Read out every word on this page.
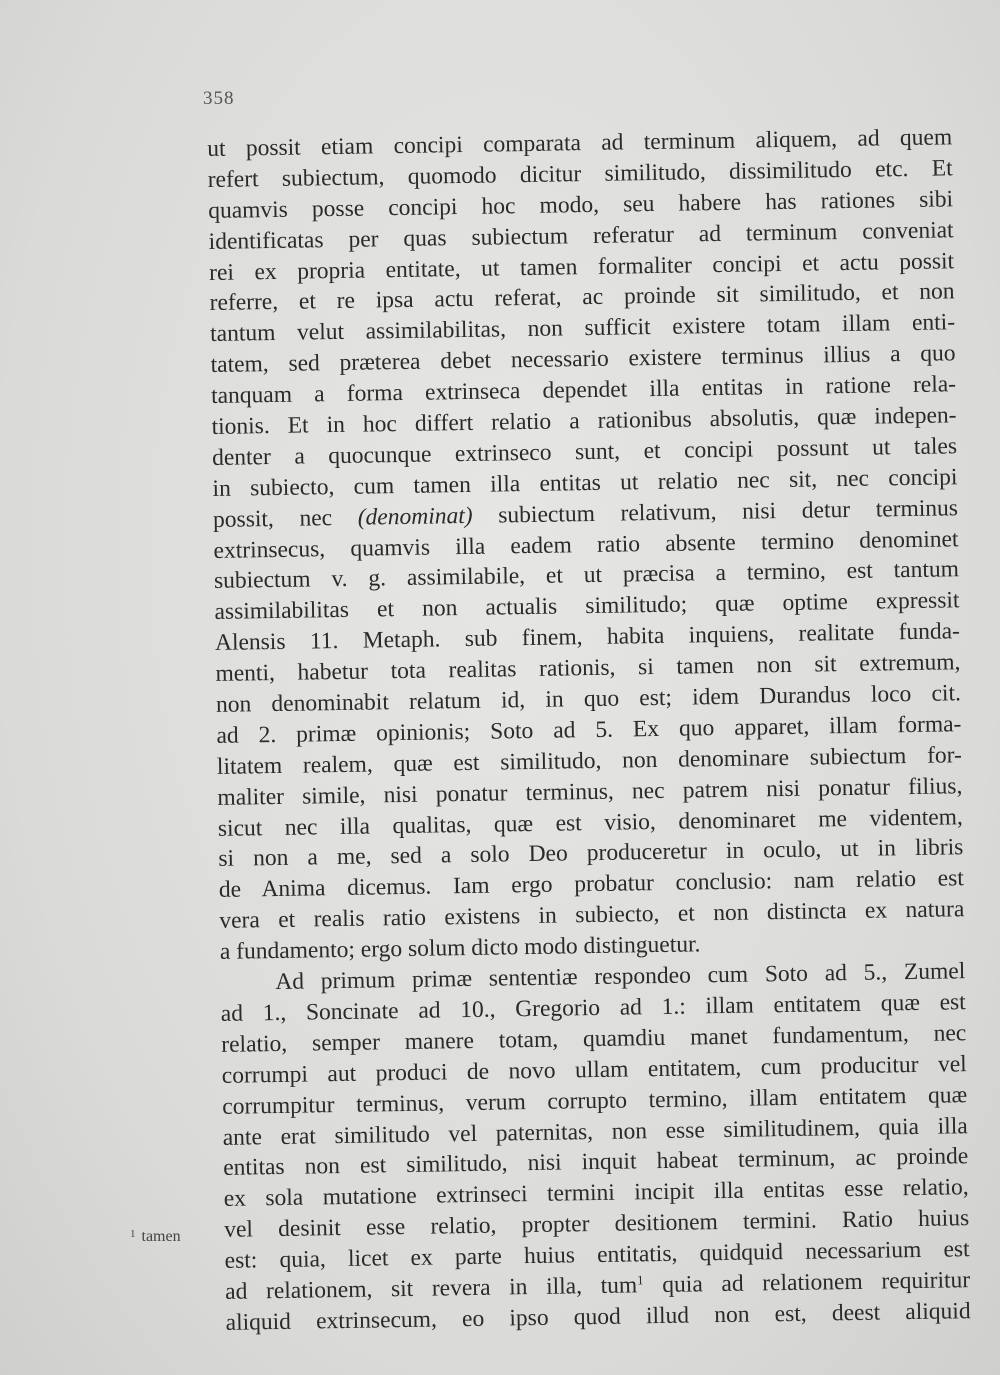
358
ut possit etiam concipi comparata ad terminum aliquem, ad quem
refert subiectum, quomodo dicitur similitudo, dissimilitudo etc. Et
quamvis posse concipi hoc modo, seu habere has rationes sibi
identificatas per quas subiectum referatur ad terminum conveniat
rei ex propria entitate, ut tamen formaliter concipi et actu possit
referre, et re ipsa actu referat, ac proinde sit similitudo, et non
tantum velut assimilabilitas, non sufficit existere totam illam enti-
tatem, sed præterea debet necessario existere terminus illius a quo
tanquam a forma extrinseca dependet illa entitas in ratione rela-
tionis. Et in hoc differt relatio a rationibus absolutis, quæ indepen-
denter a quocunque extrinseco sunt, et concipi possunt ut tales
in subiecto, cum tamen illa entitas ut relatio nec sit, nec concipi
possit, nec (denominat) subiectum relativum, nisi detur terminus
extrinsecus, quamvis illa eadem ratio absente termino denominet
subiectum v. g. assimilabile, et ut præcisa a termino, est tantum
assimilabilitas et non actualis similitudo; quæ optime expressit
Alensis 11. Metaph. sub finem, habita inquiens, realitate funda-
menti, habetur tota realitas rationis, si tamen non sit extremum,
non denominabit relatum id, in quo est; idem Durandus loco cit.
ad 2. primæ opinionis; Soto ad 5. Ex quo apparet, illam forma-
litatem realem, quæ est similitudo, non denominare subiectum for-
maliter simile, nisi ponatur terminus, nec patrem nisi ponatur filius,
sicut nec illa qualitas, quæ est visio, denominaret me videntem,
si non a me, sed a solo Deo produceretur in oculo, ut in libris
de Anima dicemus. Iam ergo probatur conclusio: nam relatio est
vera et realis ratio existens in subiecto, et non distincta ex natura
a fundamento; ergo solum dicto modo distinguetur.
Ad primum primæ sententiæ respondeo cum Soto ad 5., Zumel
ad 1., Soncinate ad 10., Gregorio ad 1.: illam entitatem quæ est
relatio, semper manere totam, quamdiu manet fundamentum, nec
corrumpi aut produci de novo ullam entitatem, cum producitur vel
corrumpitur terminus, verum corrupto termino, illam entitatem quæ
ante erat similitudo vel paternitas, non esse similitudinem, quia illa
entitas non est similitudo, nisi inquit habeat terminum, ac proinde
ex sola mutatione extrinseci termini incipit illa entitas esse relatio,
vel desinit esse relatio, propter desitionem termini. Ratio huius
est: quia, licet ex parte huius entitatis, quidquid necessarium est
ad relationem, sit revera in illa, tum$^1$ quia ad relationem requiritur
aliquid extrinsecum, eo ipso quod illud non est, deest aliquid
$^1$ tamen
